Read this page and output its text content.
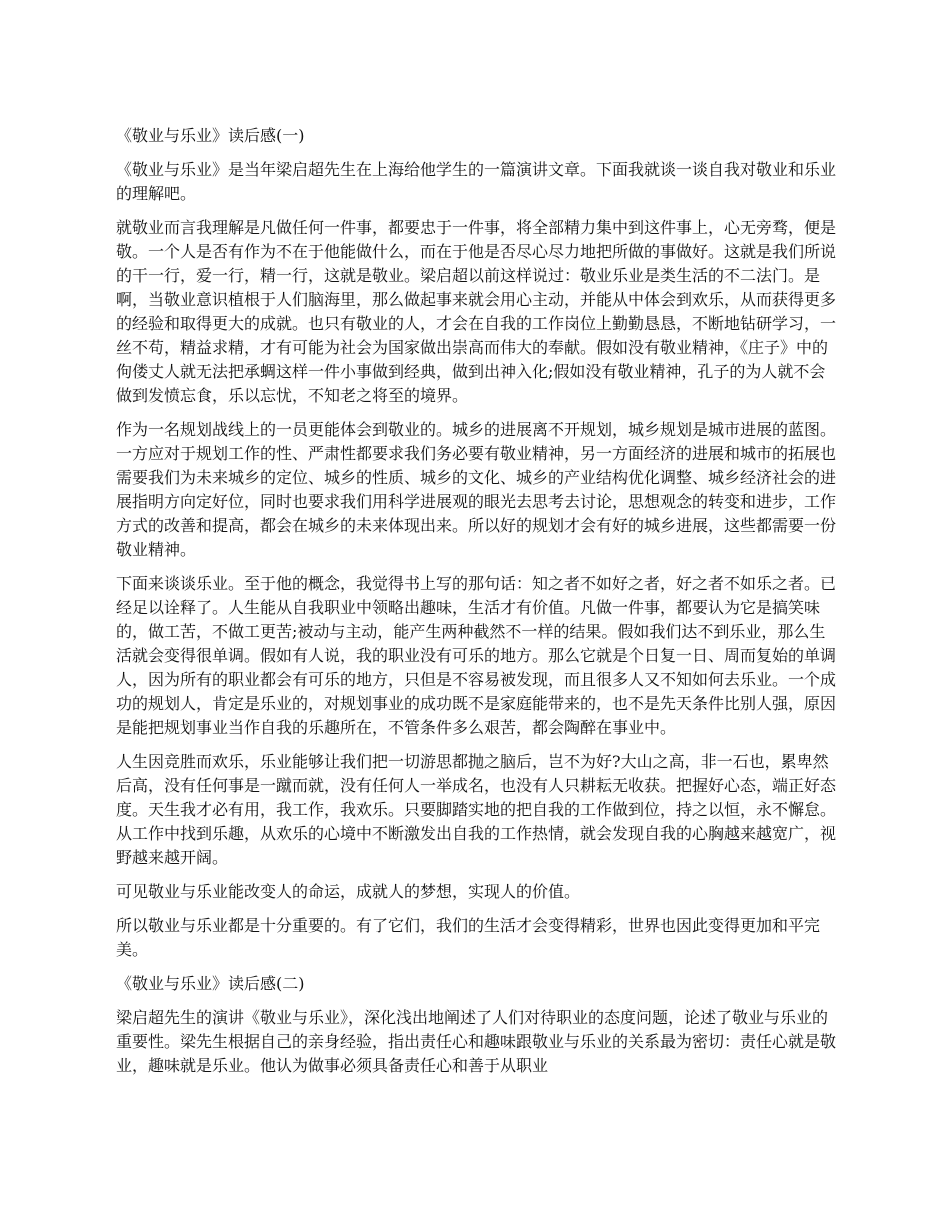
《敬业与乐业》读后感(一)

《敬业与乐业》是当年梁启超先生在上海给他学生的一篇演讲文章。下面我就谈一谈自我对敬业和乐业的理解吧。

就敬业而言我理解是凡做任何一件事，都要忠于一件事，将全部精力集中到这件事上，心无旁骛，便是敬。一个人是否有作为不在于他能做什么，而在于他是否尽心尽力地把所做的事做好。这就是我们所说的干一行，爱一行，精一行，这就是敬业。梁启超以前这样说过：敬业乐业是类生活的不二法门。是啊，当敬业意识植根于人们脑海里，那么做起事来就会用心主动，并能从中体会到欢乐，从而获得更多的经验和取得更大的成就。也只有敬业的人，才会在自我的工作岗位上勤勤恳恳，不断地钻研学习，一丝不苟，精益求精，才有可能为社会为国家做出崇高而伟大的奉献。假如没有敬业精神，《庄子》中的佝偻丈人就无法把承蜩这样一件小事做到经典，做到出神入化;假如没有敬业精神，孔子的为人就不会做到发愤忘食，乐以忘忧，不知老之将至的境界。

作为一名规划战线上的一员更能体会到敬业的。城乡的进展离不开规划，城乡规划是城市进展的蓝图。一方应对于规划工作的性、严肃性都要求我们务必要有敬业精神，另一方面经济的进展和城市的拓展也需要我们为未来城乡的定位、城乡的性质、城乡的文化、城乡的产业结构优化调整、城乡经济社会的进展指明方向定好位，同时也要求我们用科学进展观的眼光去思考去讨论，思想观念的转变和进步，工作方式的改善和提高，都会在城乡的未来体现出来。所以好的规划才会有好的城乡进展，这些都需要一份敬业精神。

下面来谈谈乐业。至于他的概念，我觉得书上写的那句话：知之者不如好之者，好之者不如乐之者。已经足以诠释了。人生能从自我职业中领略出趣味，生活才有价值。凡做一件事，都要认为它是搞笑味的，做工苦，不做工更苦;被动与主动，能产生两种截然不一样的结果。假如我们达不到乐业，那么生活就会变得很单调。假如有人说，我的职业没有可乐的地方。那么它就是个日复一日、周而复始的单调人，因为所有的职业都会有可乐的地方，只但是不容易被发现，而且很多人又不知如何去乐业。一个成功的规划人，肯定是乐业的，对规划事业的成功既不是家庭能带来的，也不是先天条件比别人强，原因是能把规划事业当作自我的乐趣所在，不管条件多么艰苦，都会陶醉在事业中。

人生因竞胜而欢乐，乐业能够让我们把一切游思都抛之脑后，岂不为好?大山之高，非一石也，累卑然后高，没有任何事是一蹴而就，没有任何人一举成名，也没有人只耕耘无收获。把握好心态，端正好态度。天生我才必有用，我工作，我欢乐。只要脚踏实地的把自我的工作做到位，持之以恒，永不懈怠。从工作中找到乐趣，从欢乐的心境中不断激发出自我的工作热情，就会发现自我的心胸越来越宽广，视野越来越开阔。

可见敬业与乐业能改变人的命运，成就人的梦想，实现人的价值。

所以敬业与乐业都是十分重要的。有了它们，我们的生活才会变得精彩，世界也因此变得更加和平完美。

《敬业与乐业》读后感(二)

梁启超先生的演讲《敬业与乐业》，深化浅出地阐述了人们对待职业的态度问题，论述了敬业与乐业的重要性。梁先生根据自己的亲身经验，指出责任心和趣味跟敬业与乐业的关系最为密切：责任心就是敬业，趣味就是乐业。他认为做事必须具备责任心和善于从职业
